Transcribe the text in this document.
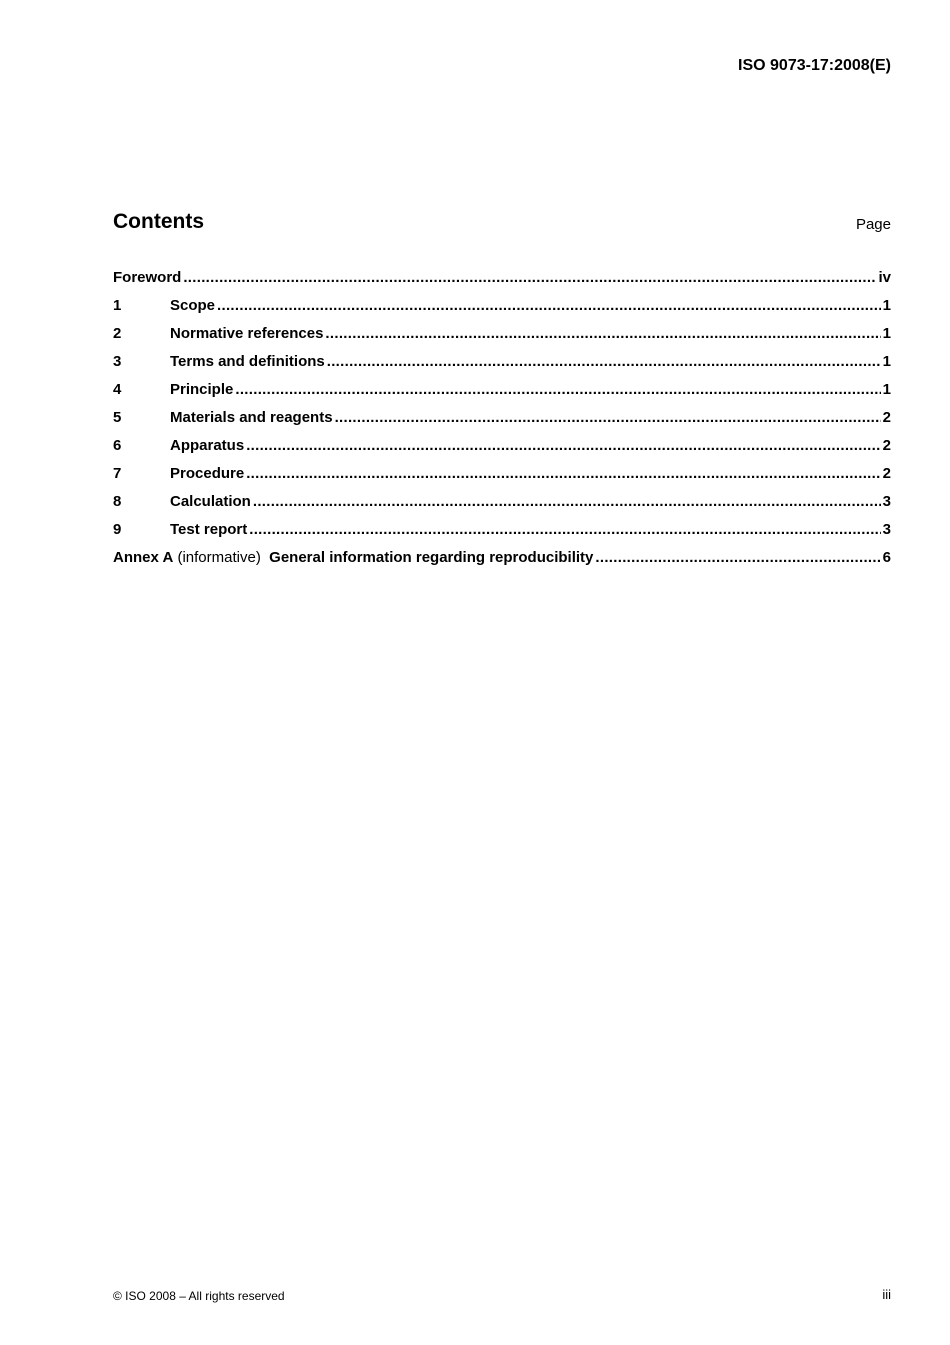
ISO 9073-17:2008(E)
Contents	Page
Foreword .....	iv
1	Scope .....	1
2	Normative references .....	1
3	Terms and definitions .....	1
4	Principle .....	1
5	Materials and reagents .....	2
6	Apparatus .....	2
7	Procedure .....	2
8	Calculation .....	3
9	Test report .....	3
Annex A (informative) General information regarding reproducibility .....	6
© ISO 2008 – All rights reserved	iii
